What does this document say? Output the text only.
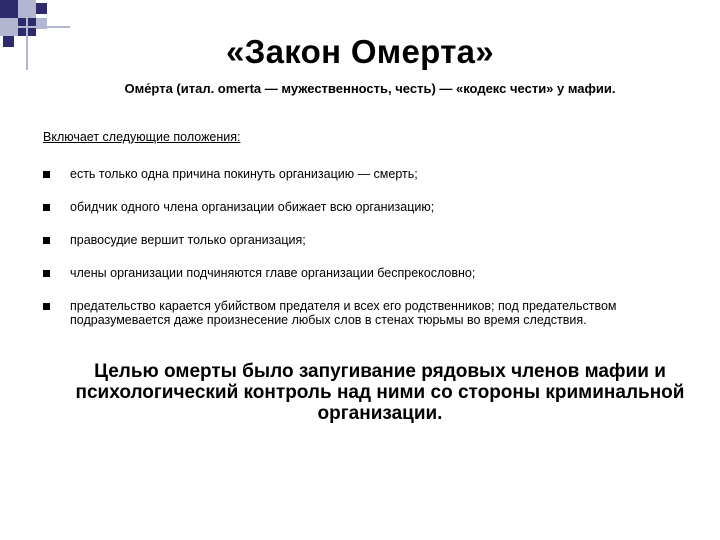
«Закон Омерта»
Оме́рта (итал. omerta — мужественность, честь) — «кодекс чести» у мафии.
Включает следующие положения:
есть только одна причина покинуть организацию — смерть;
обидчик одного члена организации обижает всю организацию;
правосудие вершит только организация;
члены организации подчиняются главе организации беспрекословно;
предательство карается убийством предателя и всех его родственников; под предательством подразумевается даже произнесение любых слов в стенах тюрьмы во время следствия.
Целью омерты было запугивание рядовых членов мафии и психологический контроль над ними со стороны криминальной организации.
